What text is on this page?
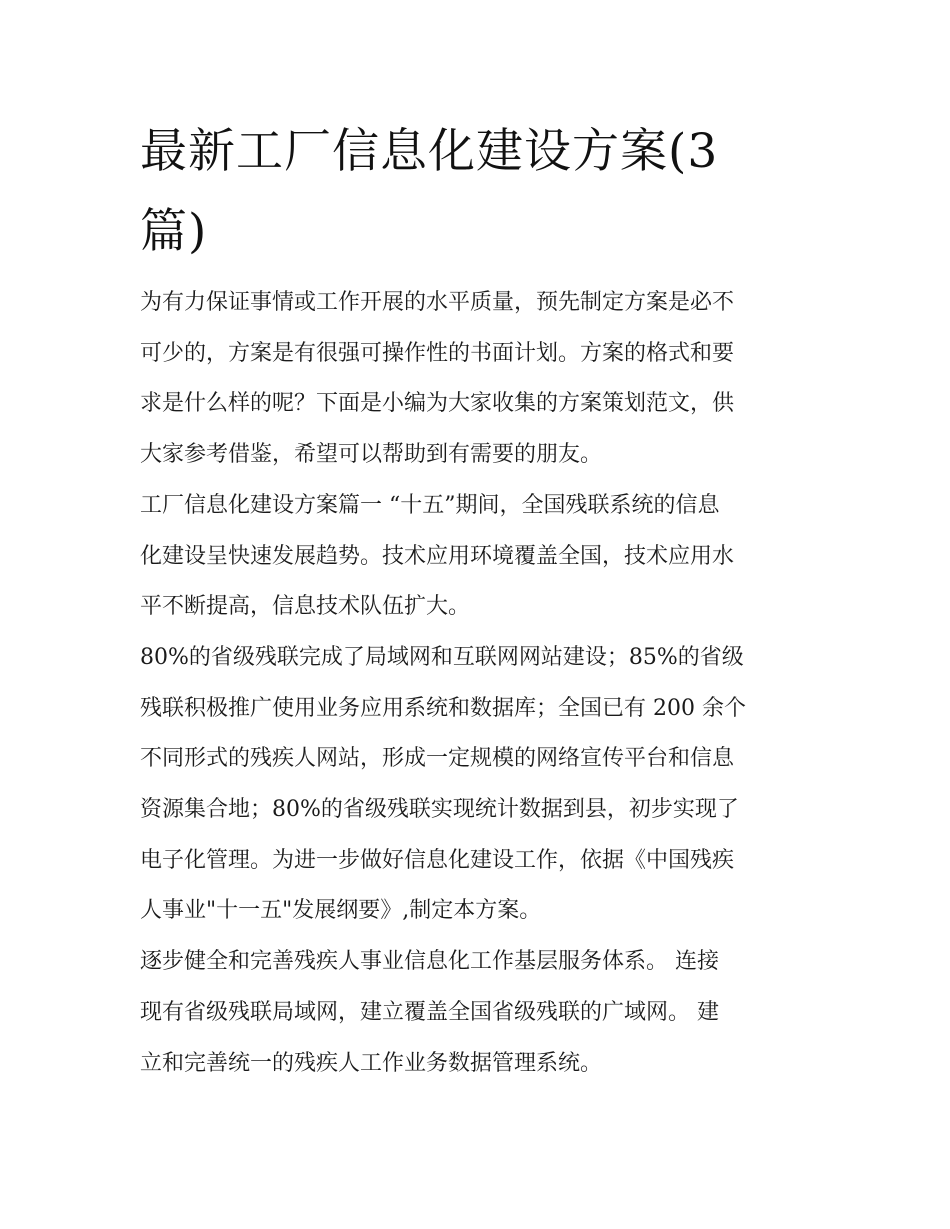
最新工厂信息化建设方案(3
篇)
为有力保证事情或工作开展的水平质量，预先制定方案是必不
可少的，方案是有很强可操作性的书面计划。方案的格式和要
求是什么样的呢？下面是小编为大家收集的方案策划范文，供
大家参考借鉴，希望可以帮助到有需要的朋友。
工厂信息化建设方案篇一 “十五”期间，全国残联系统的信息
化建设呈快速发展趋势。技术应用环境覆盖全国，技术应用水
平不断提高，信息技术队伍扩大。
80%的省级残联完成了局域网和互联网网站建设；85%的省级
残联积极推广使用业务应用系统和数据库；全国已有 200 余个
不同形式的残疾人网站，形成一定规模的网络宣传平台和信息
资源集合地；80%的省级残联实现统计数据到县，初步实现了
电子化管理。为进一步做好信息化建设工作，依据《中国残疾
人事业"十一五"发展纲要》,制定本方案。
逐步健全和完善残疾人事业信息化工作基层服务体系。 连接
现有省级残联局域网，建立覆盖全国省级残联的广域网。 建
立和完善统一的残疾人工作业务数据管理系统。
